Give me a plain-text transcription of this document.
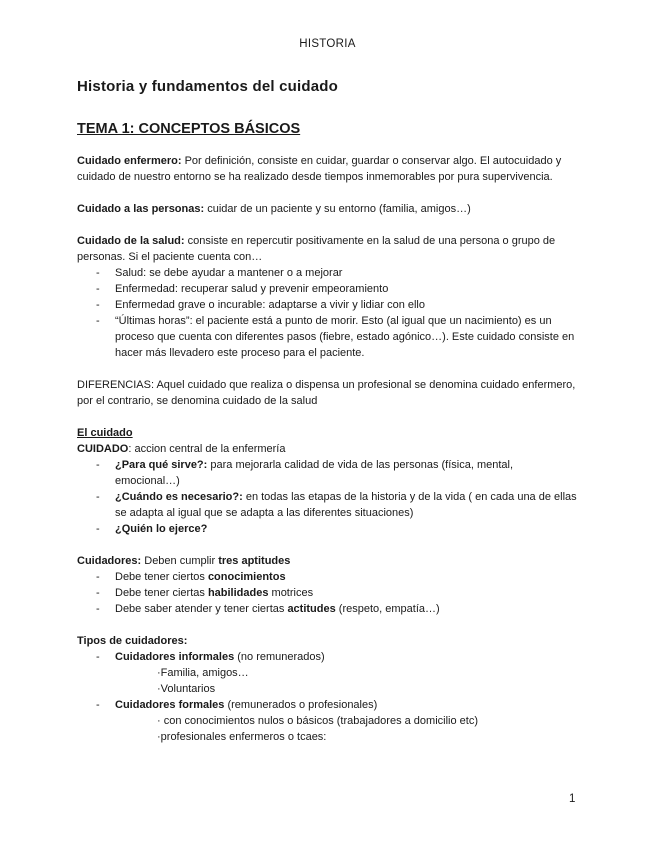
HISTORIA
Historia y fundamentos del cuidado
TEMA 1: CONCEPTOS BÁSICOS

Cuidado enfermero: Por definición, consiste en cuidar, guardar o conservar algo. El autocuidado y cuidado de nuestro entorno se ha realizado desde tiempos inmemorables por pura supervivencia.

Cuidado a las personas: cuidar de un paciente y su entorno (familia, amigos…)

Cuidado de la salud: consiste en repercutir positivamente en la salud de una persona o grupo de personas. Si el paciente cuenta con…

- Salud: se debe ayudar a mantener o a mejorar
- Enfermedad: recuperar salud y prevenir empeoramiento
- Enfermedad grave o incurable: adaptarse a vivir y lidiar con ello
- “Últimas horas”: el paciente está a punto de morir. Esto (al igual que un nacimiento) es un proceso que cuenta con diferentes pasos (fiebre, estado agónico…). Este cuidado consiste en hacer más llevadero este proceso para el paciente.

DIFERENCIAS: Aquel cuidado que realiza o dispensa un profesional se denomina cuidado enfermero, por el contrario, se denomina cuidado de la salud

El cuidado

CUIDADO: accion central de la enfermería

- ¿Para qué sirve?: para mejorarla calidad de vida de las personas (física, mental, emocional…)
- ¿Cuándo es necesario?: en todas las etapas de la historia y de la vida ( en cada una de ellas se adapta al igual que se adapta a las diferentes situaciones)
- ¿Quién lo ejerce?

Cuidadores: Deben cumplir tres aptitudes

- Debe tener ciertos conocimientos
- Debe tener ciertas habilidades motrices
- Debe saber atender y tener ciertas actitudes (respeto, empatía…)

Tipos de cuidadores:

- Cuidadores informales (no remunerados)
·Familia, amigos…
·Voluntarios
- Cuidadores formales (remunerados o profesionales)
· con conocimientos nulos o básicos (trabajadores a domicilio etc)
·profesionales enfermeros o tcaes:
1
